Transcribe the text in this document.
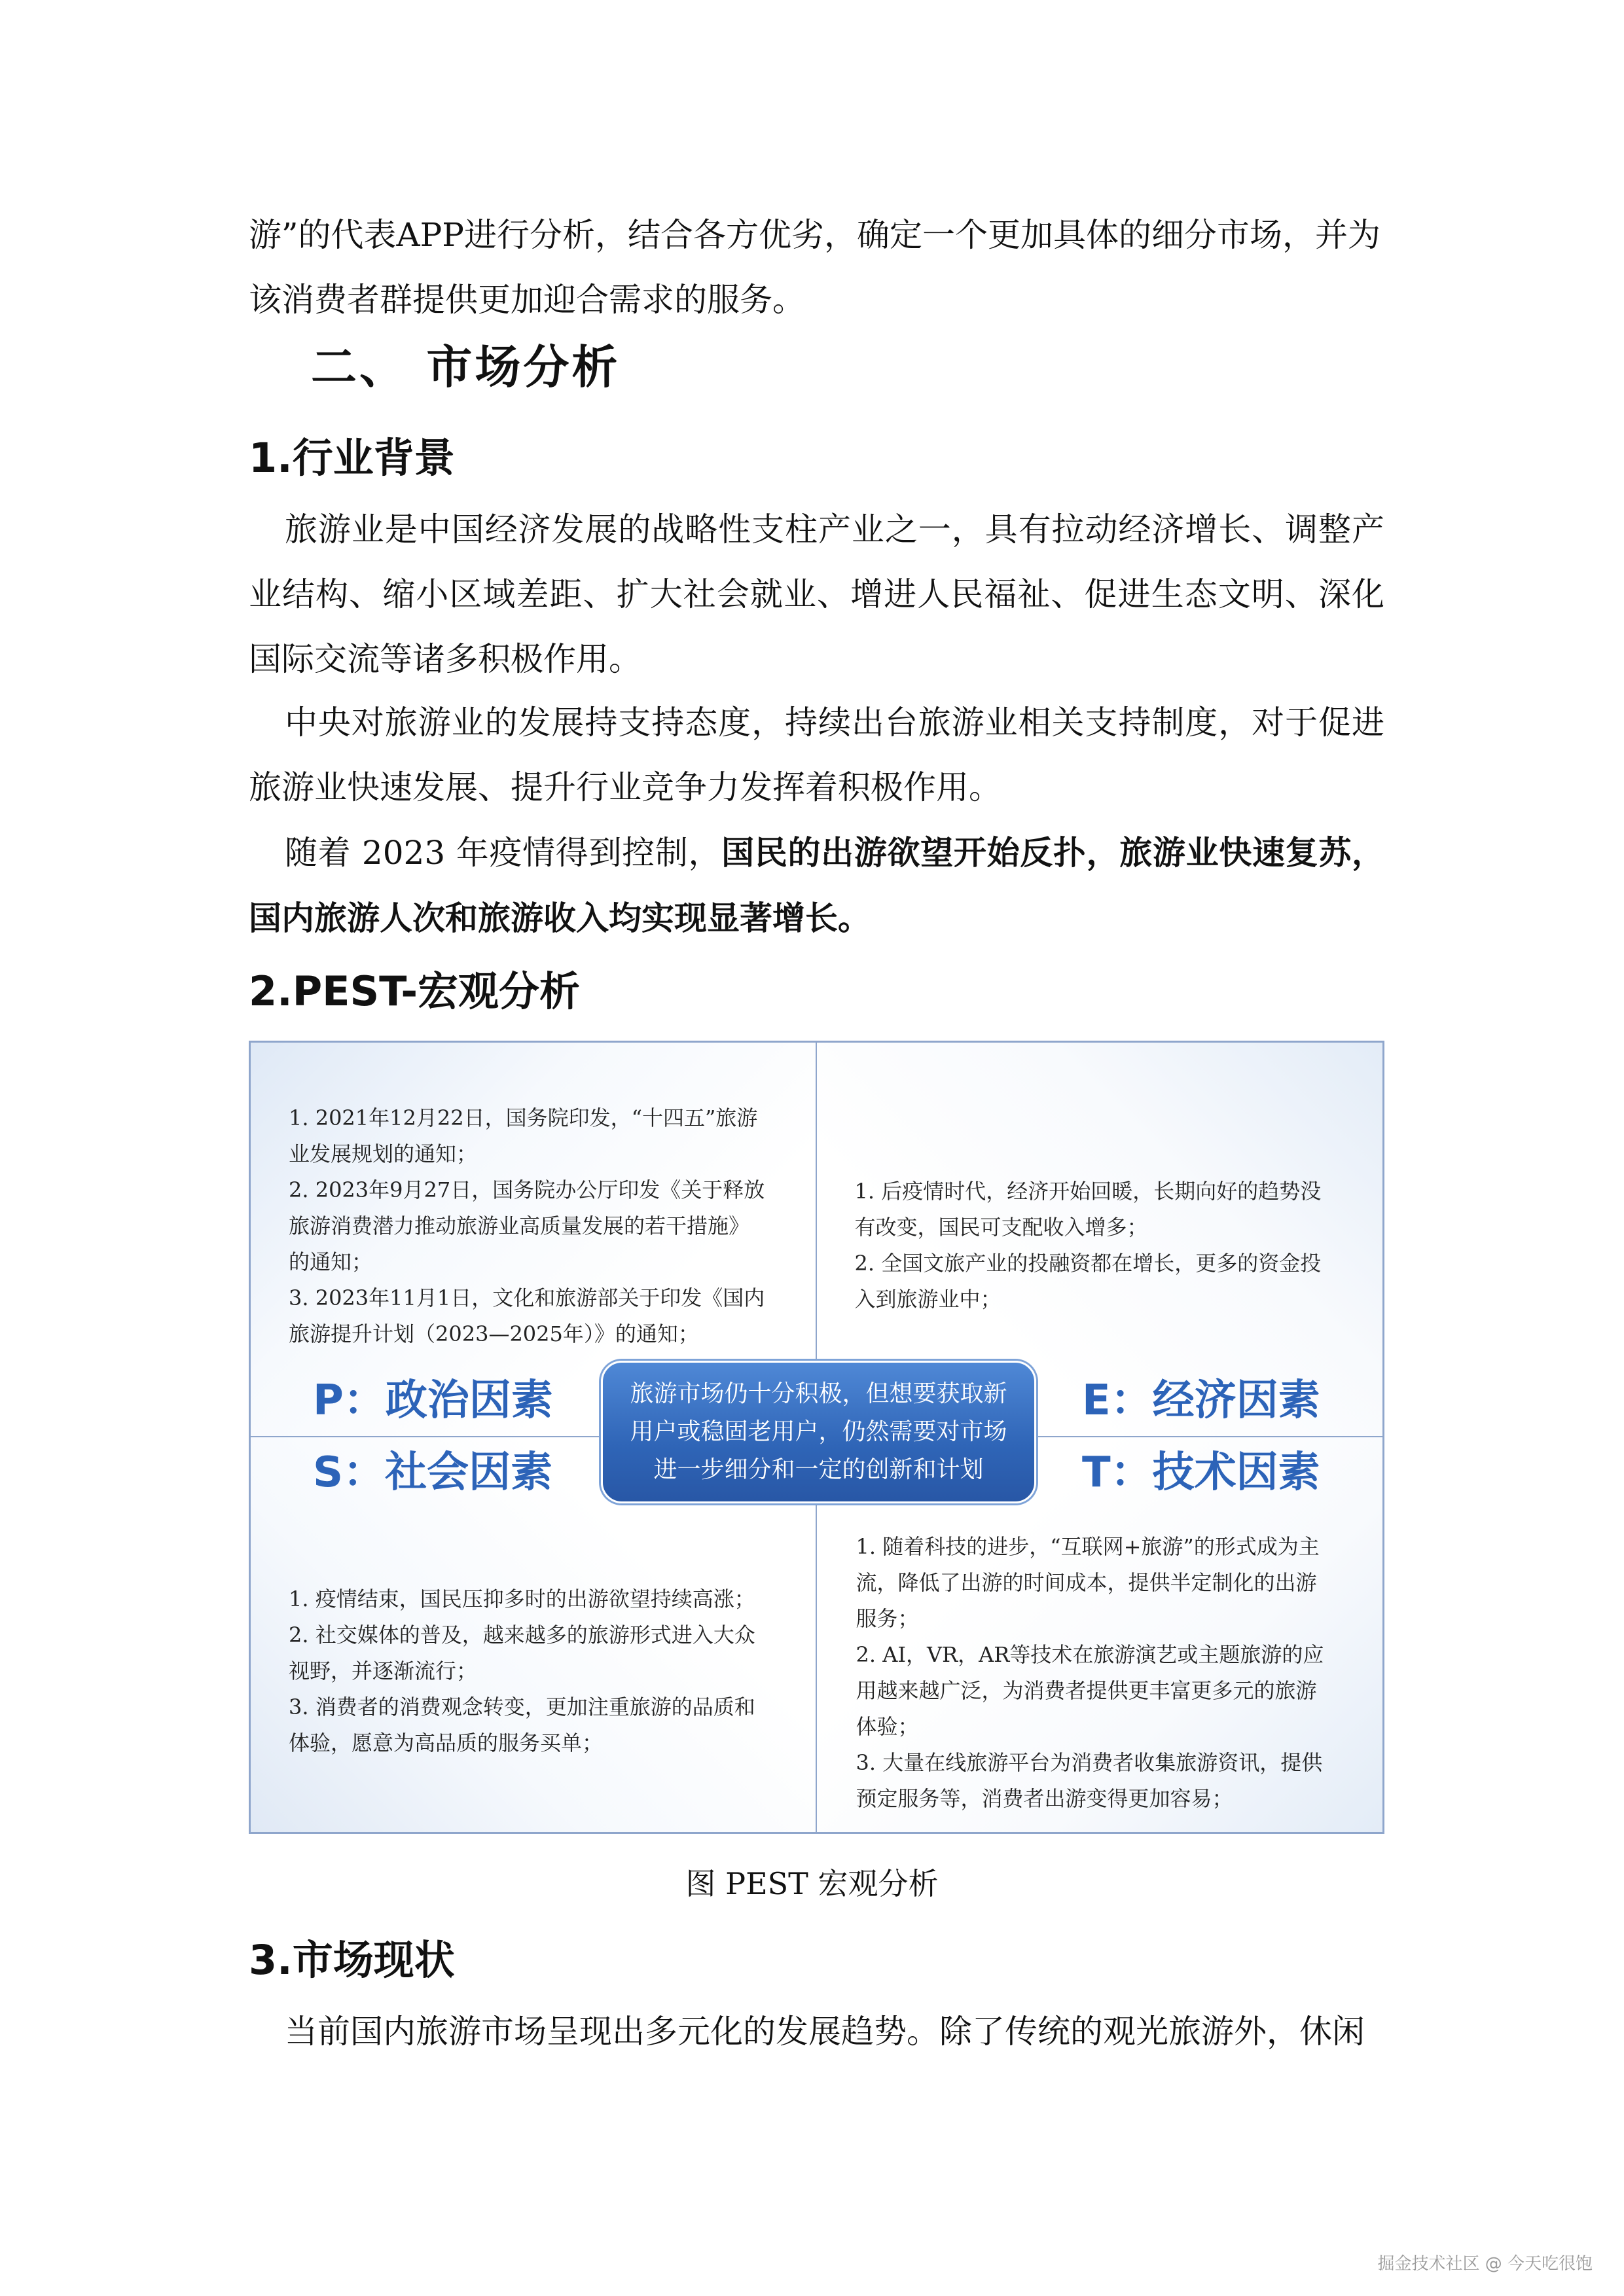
游”的代表APP进行分析，结合各方优劣，确定一个更加具体的细分市场，并为
该消费者群提供更加迎合需求的服务。

二、 市场分析
1.行业背景

旅游业是中国经济发展的战略性支柱产业之一，具有拉动经济增长、调整产业结构、缩小区域差距、扩大社会就业、增进人民福祉、促进生态文明、深化国际交流等诸多积极作用。

中央对旅游业的发展持支持态度，持续出台旅游业相关支持制度，对于促进旅游业快速发展、提升行业竞争力发挥着积极作用。

随着 2023 年疫情得到控制，国民的出游欲望开始反扑，旅游业快速复苏，国内旅游人次和旅游收入均实现显著增长。

2.PEST-宏观分析
1. 2021年12月22日，国务院印发，“十四五”旅游业发展规划的通知；
2. 2023年9月27日，国务院办公厅印发《关于释放旅游消费潜力推动旅游业高质量发展的若干措施》的通知；
3. 2023年11月1日，文化和旅游部关于印发《国内旅游提升计划（2023—2025年）》的通知；
1. 后疫情时代，经济开始回暖，长期向好的趋势没有改变，国民可支配收入增多；
2. 全国文旅产业的投融资都在增长，更多的资金投入到旅游业中；
1. 疫情结束，国民压抑多时的出游欲望持续高涨；
2. 社交媒体的普及，越来越多的旅游形式进入大众视野，并逐渐流行；
3. 消费者的消费观念转变，更加注重旅游的品质和体验，愿意为高品质的服务买单；
1. 随着科技的进步，“互联网+旅游”的形式成为主流，降低了出游的时间成本，提供半定制化的出游服务；
2. AI，VR，AR等技术在旅游演艺或主题旅游的应用越来越广泛，为消费者提供更丰富更多元的旅游体验；
3. 大量在线旅游平台为消费者收集旅游资讯，提供预定服务等，消费者出游变得更加容易；

P：政治因素	E：经济因素

S：社会因素	T：技术因素

旅游市场仍十分积极，但想要获取新用户或稳固老用户，仍然需要对市场进一步细分和一定的创新和计划

图 PEST 宏观分析

3.市场现状

当前国内旅游市场呈现出多元化的发展趋势。除了传统的观光旅游外，休闲

掘金技术社区 @ 今天吃很饱
